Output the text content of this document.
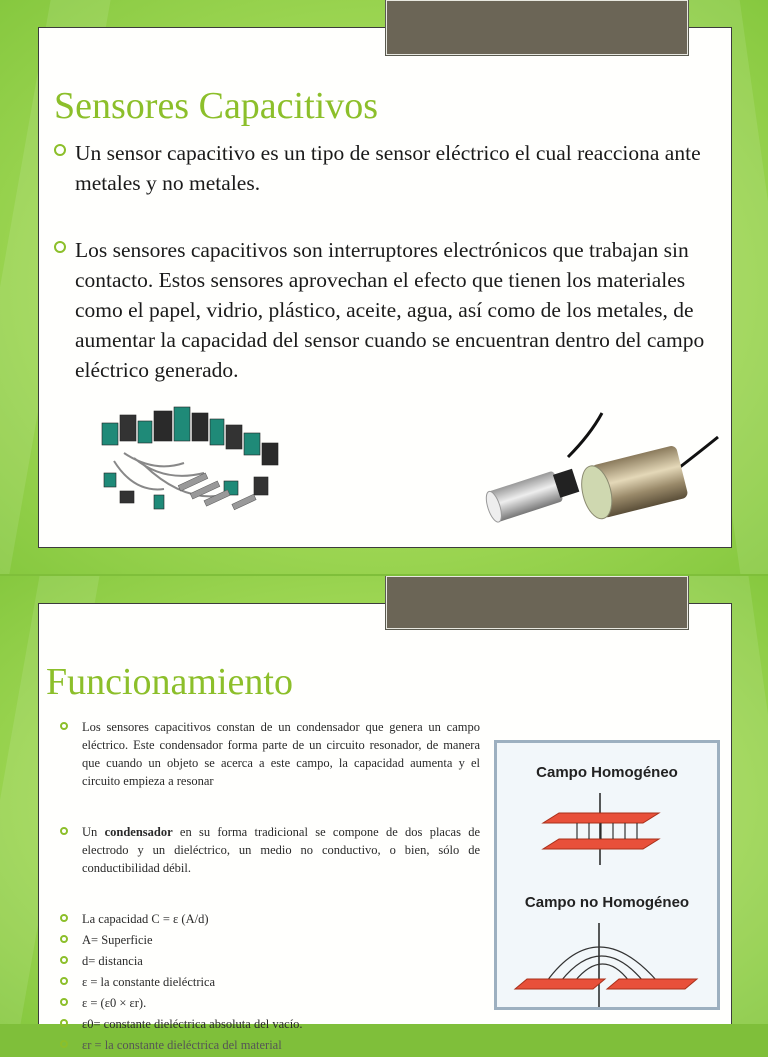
Sensores Capacitivos
Un sensor capacitivo es un tipo de sensor eléctrico el cual reacciona ante metales y no metales.
Los sensores capacitivos son interruptores electrónicos que trabajan sin contacto. Estos sensores aprovechan el efecto que tienen los materiales como el papel, vidrio, plástico, aceite, agua, así como de los metales, de aumentar la capacidad del sensor cuando se encuentran dentro del campo eléctrico generado.
Funcionamiento
Los sensores capacitivos constan de un condensador que genera un campo eléctrico. Este condensador forma parte de un circuito resonador, de manera que cuando un objeto se acerca a este campo, la capacidad aumenta y el circuito empieza a resonar
Un condensador en su forma tradicional se compone de dos placas de electrodo y un dieléctrico, un medio no conductivo, o bien, sólo de conductibilidad débil.
La capacidad C = ε (A/d)
A= Superficie
d= distancia
ε = la constante dieléctrica
ε = (ε0 × εr).
ε0= constante dieléctrica absoluta del vacío.
εr = la constante dieléctrica del material
Campo Homogéneo
Campo no Homogéneo
